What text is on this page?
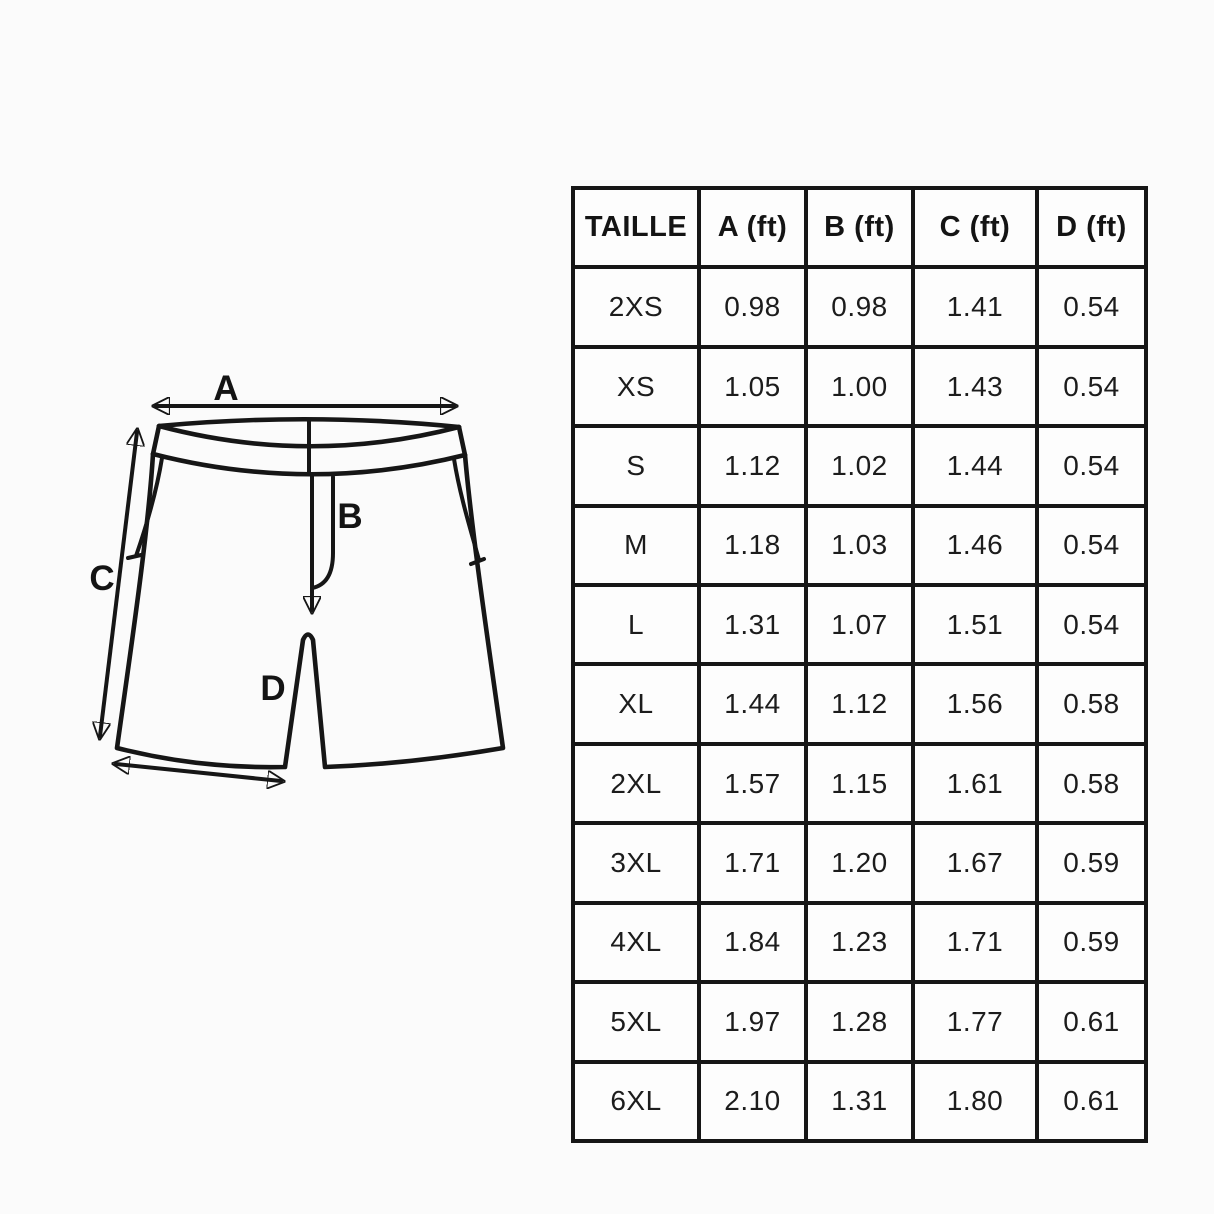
A
B
C
D
TAILLE	A (ft)	B (ft)	C (ft)	D (ft)
2XS	0.98	0.98	1.41	0.54
XS	1.05	1.00	1.43	0.54
S	1.12	1.02	1.44	0.54
M	1.18	1.03	1.46	0.54
L	1.31	1.07	1.51	0.54
XL	1.44	1.12	1.56	0.58
2XL	1.57	1.15	1.61	0.58
3XL	1.71	1.20	1.67	0.59
4XL	1.84	1.23	1.71	0.59
5XL	1.97	1.28	1.77	0.61
6XL	2.10	1.31	1.80	0.61
